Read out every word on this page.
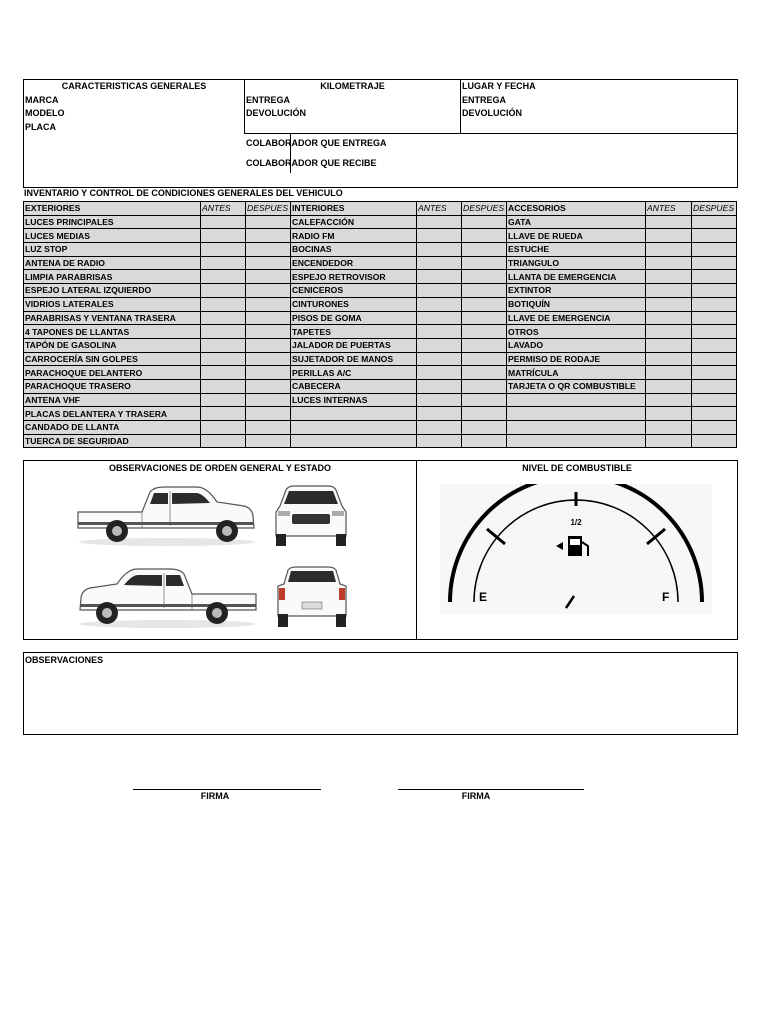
CARACTERISTICAS GENERALES
MARCA
MODELO
PLACA
KILOMETRAJE
ENTREGA
DEVOLUCIÓN
LUGAR Y FECHA
ENTREGA
DEVOLUCIÓN
COLABORADOR QUE ENTREGA
COLABORADOR QUE RECIBE
INVENTARIO Y CONTROL DE CONDICIONES GENERALES DEL VEHICULO
EXTERIORES	ANTES	DESPUES	INTERIORES	ANTES	DESPUES	ACCESORIOS	ANTES	DESPUES
LUCES PRINCIPALES			CALEFACCIÓN			GATA		
LUCES MEDIAS			RADIO FM			LLAVE DE RUEDA		
LUZ STOP			BOCINAS			ESTUCHE		
ANTENA DE RADIO			ENCENDEDOR			TRIANGULO		
LIMPIA PARABRISAS			ESPEJO RETROVISOR			LLANTA DE EMERGENCIA		
ESPEJO LATERAL IZQUIERDO			CENICEROS			EXTINTOR		
VIDRIOS LATERALES			CINTURONES			BOTIQUÍN		
PARABRISAS Y VENTANA TRASERA			PISOS DE GOMA			LLAVE DE EMERGENCIA		
4 TAPONES DE LLANTAS			TAPETES			OTROS		
TAPÓN DE GASOLINA			JALADOR DE PUERTAS			LAVADO		
CARROCERÍA SIN GOLPES			SUJETADOR DE MANOS			PERMISO DE RODAJE		
PARACHOQUE DELANTERO			PERILLAS A/C			MATRÍCULA		
PARACHOQUE TRASERO			CABECERA			TARJETA O QR COMBUSTIBLE		
ANTENA VHF			LUCES INTERNAS					
PLACAS DELANTERA Y TRASERA								
CANDADO DE LLANTA								
TUERCA DE SEGURIDAD								
OBSERVACIONES DE ORDEN GENERAL Y ESTADO	NIVEL DE COMBUSTIBLE
1/2
E	F
OBSERVACIONES
FIRMA	FIRMA
